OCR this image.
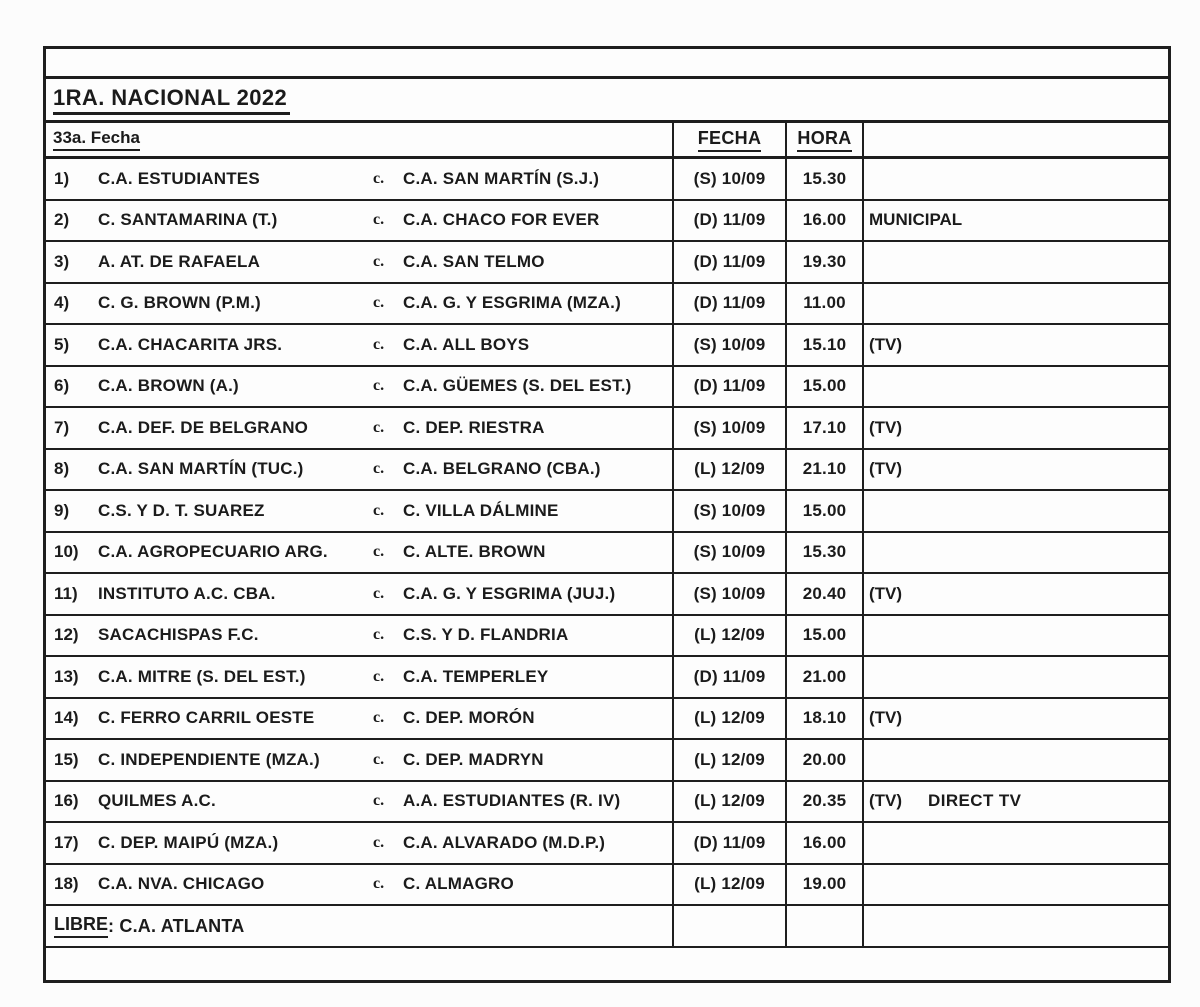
1RA. NACIONAL 2022
33a. Fecha	FECHA HORA
1)	C.A. ESTUDIANTES	c.	C.A. SAN MARTÍN (S.J.)	(S) 10/09 15.30
2)	C. SANTAMARINA (T.)	c.	C.A. CHACO FOR EVER	(D) 11/09 16.00 MUNICIPAL
3)	A. AT. DE RAFAELA	c.	C.A. SAN TELMO	(D) 11/09 19.30
4)	C. G. BROWN (P.M.)	c.	C.A. G. Y ESGRIMA (MZA.)	(D) 11/09 11.00
5)	C.A. CHACARITA JRS.	c.	C.A. ALL BOYS	(S) 10/09 15.10 (TV)
6)	C.A. BROWN (A.)	c.	C.A. GÜEMES (S. DEL EST.)	(D) 11/09 15.00
7)	C.A. DEF. DE BELGRANO	c.	C. DEP. RIESTRA	(S) 10/09 17.10 (TV)
8)	C.A. SAN MARTÍN (TUC.)	c.	C.A. BELGRANO (CBA.)	(L) 12/09 21.10 (TV)
9)	C.S. Y D. T. SUAREZ	c.	C. VILLA DÁLMINE	(S) 10/09 15.00
10)	C.A. AGROPECUARIO ARG.	c.	C. ALTE. BROWN	(S) 10/09 15.30
11)	INSTITUTO A.C. CBA.	c.	C.A. G. Y ESGRIMA (JUJ.)	(S) 10/09 20.40 (TV)
12)	SACACHISPAS F.C.	c.	C.S. Y D. FLANDRIA	(L) 12/09 15.00
13)	C.A. MITRE (S. DEL EST.)	c.	C.A. TEMPERLEY	(D) 11/09 21.00
14)	C. FERRO CARRIL OESTE	c.	C. DEP. MORÓN	(L) 12/09 18.10 (TV)
15)	C. INDEPENDIENTE (MZA.)	c.	C. DEP. MADRYN	(L) 12/09 20.00
16)	QUILMES A.C.	c.	A.A. ESTUDIANTES (R. IV)	(L) 12/09 20.35 (TV) DIRECT TV
17)	C. DEP. MAIPÚ (MZA.)	c.	C.A. ALVARADO (M.D.P.)	(D) 11/09 16.00
18)	C.A. NVA. CHICAGO	c.	C. ALMAGRO	(L) 12/09 19.00
LIBRE : C.A. ATLANTA
